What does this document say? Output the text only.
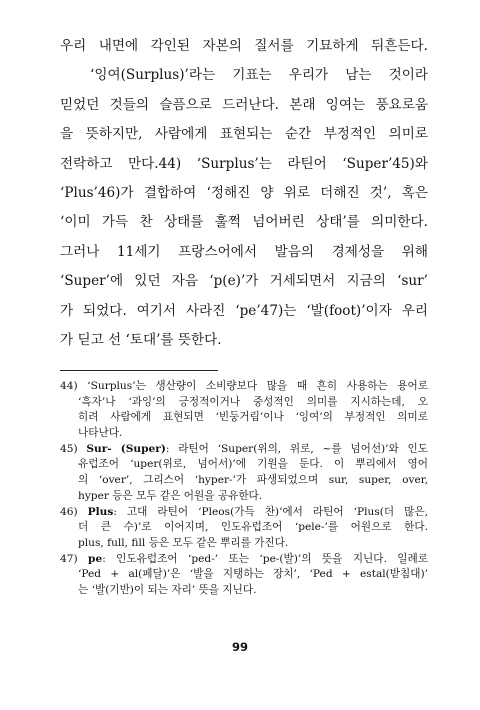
우리 내면에 각인된 자본의 질서를 기묘하게 뒤흔든다.
‘잉여(Surplus)’라는 기표는 우리가 남는 것이라
믿었던 것들의 슬픔으로 드러난다. 본래 잉여는 풍요로움
을 뜻하지만, 사람에게 표현되는 순간 부정적인 의미로
전락하고 만다.44) ‘Surplus’는 라틴어 ‘Super’45)와
‘Plus’46)가 결합하여 ‘정해진 양 위로 더해진 것’, 혹은
‘이미 가득 찬 상태를 훌쩍 넘어버린 상태’를 의미한다.
그러나 11세기 프랑스어에서 발음의 경제성을 위해
‘Super’에 있던 자음 ‘p(e)’가 거세되면서 지금의 ‘sur’
가 되었다. 여기서 사라진 ‘pe’47)는 ‘발(foot)’이자 우리
가 딛고 선 ‘토대’를 뜻한다.
44) ‘Surplus’는 생산량이 소비량보다 많을 때 흔히 사용하는 용어로
‘흑자’나 ‘과잉’의 긍정적이거나 중성적인 의미를 지시하는데, 오
히려 사람에게 표현되면 ‘빈둥거림’이나 ‘잉여’의 부정적인 의미로
나타난다.
45) Sur- (Super): 라틴어 ‘Super(위의, 위로, ~를 넘어선)’와 인도
유럽조어 ‘uper(위로, 넘어서)’에 기원을 둔다. 이 뿌리에서 영어
의 ‘over’, 그리스어 ‘hyper-’가 파생되었으며 sur, super, over,
hyper 등은 모두 같은 어원을 공유한다.
46) Plus: 고대 라틴어 ‘Pleos(가득 찬)’에서 라틴어 ‘Plus(더 많은,
더 큰 수)’로 이어지며, 인도유럽조어 ‘pele-’를 어원으로 한다.
plus, full, fill 등은 모두 같은 뿌리를 가진다.
47) pe: 인도유럽조어 ‘ped-’ 또는 ‘pe-(발)’의 뜻을 지닌다. 일례로
‘Ped + al(페달)’은 ‘발을 지탱하는 장치’, ‘Ped + estal(받침대)’
는 ‘발(기반)이 되는 자리’ 뜻을 지닌다.
99
